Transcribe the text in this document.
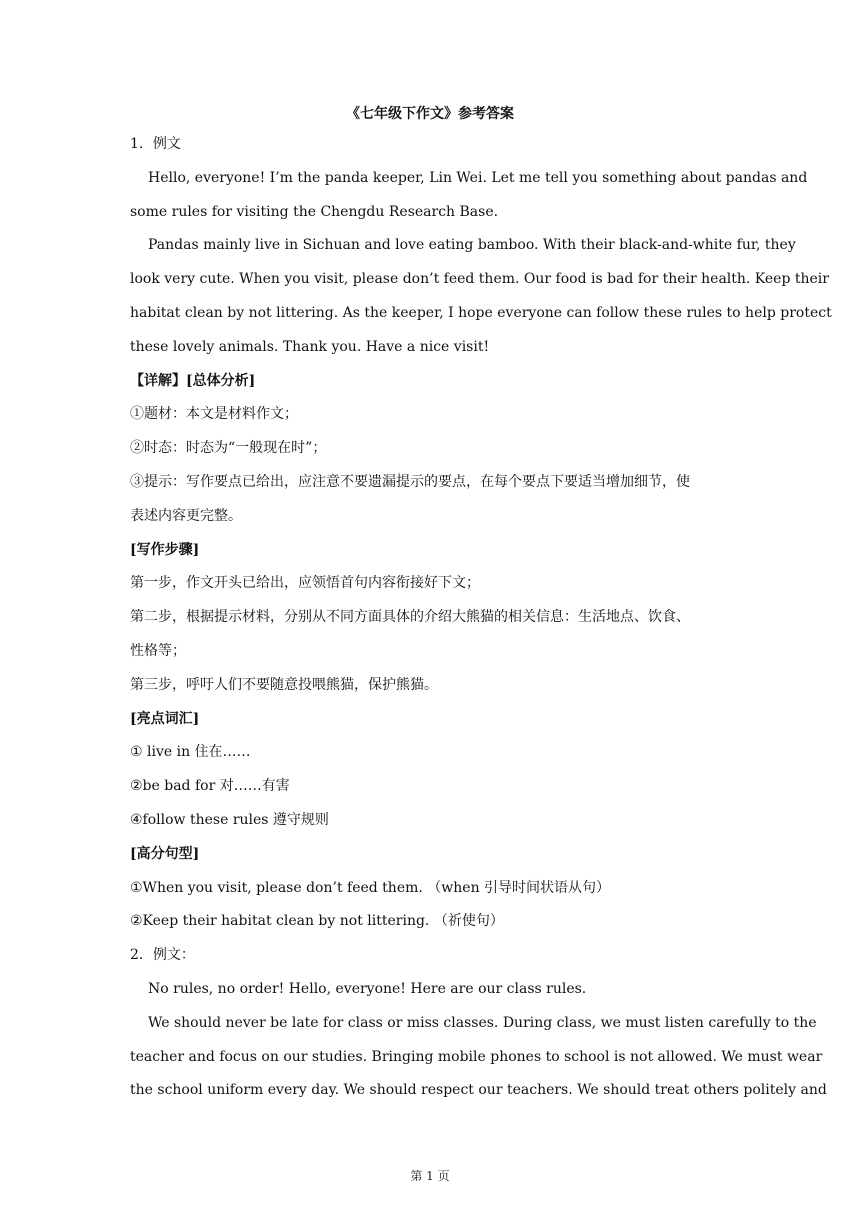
《七年级下作文》参考答案

1．例文

Hello, everyone! I’m the panda keeper, Lin Wei. Let me tell you something about pandas and

some rules for visiting the Chengdu Research Base.

Pandas mainly live in Sichuan and love eating bamboo. With their black-and-white fur, they

look very cute. When you visit, please don’t feed them. Our food is bad for their health. Keep their

habitat clean by not littering. As the keeper, I hope everyone can follow these rules to help protect

these lovely animals. Thank you. Have a nice visit!

【详解】[总体分析]

①题材：本文是材料作文；

②时态：时态为“一般现在时”；

③提示：写作要点已给出，应注意不要遗漏提示的要点，在每个要点下要适当增加细节，使

表述内容更完整。

[写作步骤]

第一步，作文开头已给出，应领悟首句内容衔接好下文；

第二步，根据提示材料，分别从不同方面具体的介绍大熊猫的相关信息：生活地点、饮食、

性格等；

第三步，呼吁人们不要随意投喂熊猫，保护熊猫。

[亮点词汇]

① live in 住在……

②be bad for 对……有害

④follow these rules 遵守规则

[高分句型]

①When you visit, please don’t feed them. （when 引导时间状语从句）

②Keep their habitat clean by not littering. （祈使句）

2．例文：

No rules, no order! Hello, everyone! Here are our class rules.

We should never be late for class or miss classes. During class, we must listen carefully to the

teacher and focus on our studies. Bringing mobile phones to school is not allowed. We must wear

the school uniform every day. We should respect our teachers. We should treat others politely and

第 1 页
